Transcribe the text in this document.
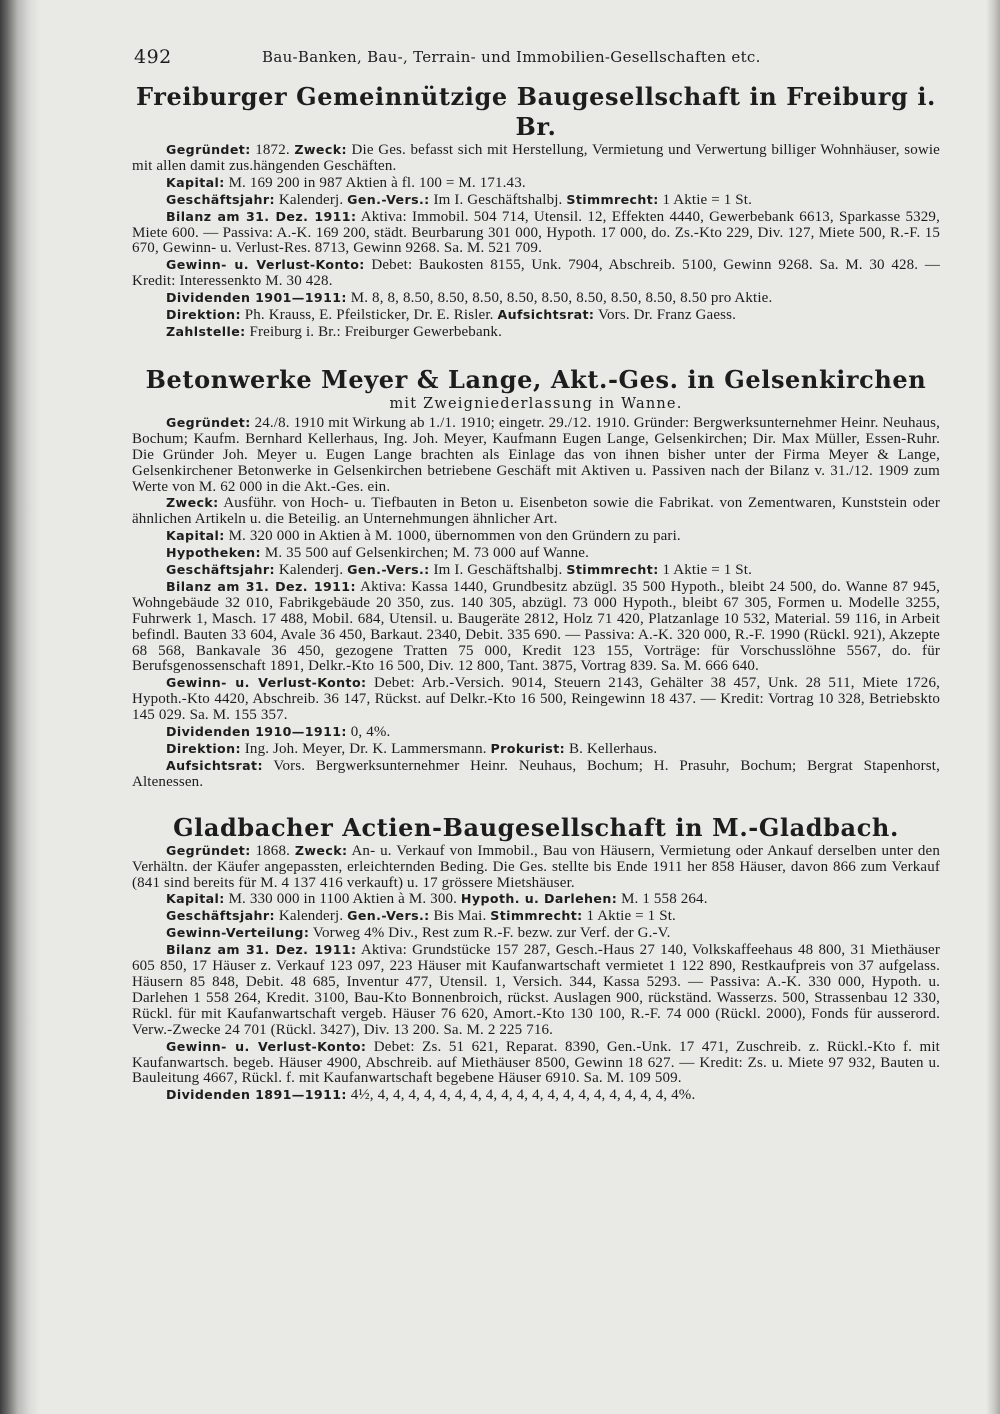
492	Bau-Banken, Bau-, Terrain- und Immobilien-Gesellschaften etc.
Freiburger Gemeinnützige Baugesellschaft in Freiburg i. Br.

Gegründet: 1872. Zweck: Die Ges. befasst sich mit Herstellung, Vermietung und Verwertung billiger Wohnhäuser, sowie mit allen damit zus.hängenden Geschäften.

Kapital: M. 169 200 in 987 Aktien à fl. 100 = M. 171.43.

Geschäftsjahr: Kalenderj. Gen.-Vers.: Im I. Geschäftshalbj. Stimmrecht: 1 Aktie = 1 St.

Bilanz am 31. Dez. 1911: Aktiva: Immobil. 504 714, Utensil. 12, Effekten 4440, Gewerbebank 6613, Sparkasse 5329, Miete 600. — Passiva: A.-K. 169 200, städt. Beurbarung 301 000, Hypoth. 17 000, do. Zs.-Kto 229, Div. 127, Miete 500, R.-F. 15 670, Gewinn- u. Verlust-Res. 8713, Gewinn 9268. Sa. M. 521 709.

Gewinn- u. Verlust-Konto: Debet: Baukosten 8155, Unk. 7904, Abschreib. 5100, Gewinn 9268. Sa. M. 30 428. — Kredit: Interessenkto M. 30 428.

Dividenden 1901—1911: M. 8, 8, 8.50, 8.50, 8.50, 8.50, 8.50, 8.50, 8.50, 8.50, 8.50 pro Aktie.

Direktion: Ph. Krauss, E. Pfeilsticker, Dr. E. Risler. Aufsichtsrat: Vors. Dr. Franz Gaess.

Zahlstelle: Freiburg i. Br.: Freiburger Gewerbebank.

Betonwerke Meyer & Lange, Akt.-Ges. in Gelsenkirchen

mit Zweigniederlassung in Wanne.

Gegründet: 24./8. 1910 mit Wirkung ab 1./1. 1910; eingetr. 29./12. 1910. Gründer: Bergwerksunternehmer Heinr. Neuhaus, Bochum; Kaufm. Bernhard Kellerhaus, Ing. Joh. Meyer, Kaufmann Eugen Lange, Gelsenkirchen; Dir. Max Müller, Essen-Ruhr. Die Gründer Joh. Meyer u. Eugen Lange brachten als Einlage das von ihnen bisher unter der Firma Meyer & Lange, Gelsenkirchener Betonwerke in Gelsenkirchen betriebene Geschäft mit Aktiven u. Passiven nach der Bilanz v. 31./12. 1909 zum Werte von M. 62 000 in die Akt.-Ges. ein.

Zweck: Ausführ. von Hoch- u. Tiefbauten in Beton u. Eisenbeton sowie die Fabrikat. von Zementwaren, Kunststein oder ähnlichen Artikeln u. die Beteilig. an Unternehmungen ähnlicher Art.

Kapital: M. 320 000 in Aktien à M. 1000, übernommen von den Gründern zu pari.

Hypotheken: M. 35 500 auf Gelsenkirchen; M. 73 000 auf Wanne.

Geschäftsjahr: Kalenderj. Gen.-Vers.: Im I. Geschäftshalbj. Stimmrecht: 1 Aktie = 1 St.

Bilanz am 31. Dez. 1911: Aktiva: Kassa 1440, Grundbesitz abzügl. 35 500 Hypoth., bleibt 24 500, do. Wanne 87 945, Wohngebäude 32 010, Fabrikgebäude 20 350, zus. 140 305, abzügl. 73 000 Hypoth., bleibt 67 305, Formen u. Modelle 3255, Fuhrwerk 1, Masch. 17 488, Mobil. 684, Utensil. u. Baugeräte 2812, Holz 71 420, Platzanlage 10 532, Material. 59 116, in Arbeit befindl. Bauten 33 604, Avale 36 450, Barkaut. 2340, Debit. 335 690. — Passiva: A.-K. 320 000, R.-F. 1990 (Rückl. 921), Akzepte 68 568, Bankavale 36 450, gezogene Tratten 75 000, Kredit 123 155, Vorträge: für Vorschusslöhne 5567, do. für Berufsgenossenschaft 1891, Delkr.-Kto 16 500, Div. 12 800, Tant. 3875, Vortrag 839. Sa. M. 666 640.

Gewinn- u. Verlust-Konto: Debet: Arb.-Versich. 9014, Steuern 2143, Gehälter 38 457, Unk. 28 511, Miete 1726, Hypoth.-Kto 4420, Abschreib. 36 147, Rückst. auf Delkr.-Kto 16 500, Reingewinn 18 437. — Kredit: Vortrag 10 328, Betriebskto 145 029. Sa. M. 155 357.

Dividenden 1910—1911: 0, 4%.

Direktion: Ing. Joh. Meyer, Dr. K. Lammersmann. Prokurist: B. Kellerhaus.

Aufsichtsrat: Vors. Bergwerksunternehmer Heinr. Neuhaus, Bochum; H. Prasuhr, Bochum; Bergrat Stapenhorst, Altenessen.

Gladbacher Actien-Baugesellschaft in M.-Gladbach.

Gegründet: 1868. Zweck: An- u. Verkauf von Immobil., Bau von Häusern, Vermietung oder Ankauf derselben unter den Verhältn. der Käufer angepassten, erleichternden Beding. Die Ges. stellte bis Ende 1911 her 858 Häuser, davon 866 zum Verkauf (841 sind bereits für M. 4 137 416 verkauft) u. 17 grössere Mietshäuser.

Kapital: M. 330 000 in 1100 Aktien à M. 300. Hypoth. u. Darlehen: M. 1 558 264.

Geschäftsjahr: Kalenderj. Gen.-Vers.: Bis Mai. Stimmrecht: 1 Aktie = 1 St.

Gewinn-Verteilung: Vorweg 4% Div., Rest zum R.-F. bezw. zur Verf. der G.-V.

Bilanz am 31. Dez. 1911: Aktiva: Grundstücke 157 287, Gesch.-Haus 27 140, Volkskaffeehaus 48 800, 31 Miethäuser 605 850, 17 Häuser z. Verkauf 123 097, 223 Häuser mit Kaufanwartschaft vermietet 1 122 890, Restkaufpreis von 37 aufgelass. Häusern 85 848, Debit. 48 685, Inventur 477, Utensil. 1, Versich. 344, Kassa 5293. — Passiva: A.-K. 330 000, Hypoth. u. Darlehen 1 558 264, Kredit. 3100, Bau-Kto Bonnenbroich, rückst. Auslagen 900, rückständ. Wasserzs. 500, Strassenbau 12 330, Rückl. für mit Kaufanwartschaft vergeb. Häuser 76 620, Amort.-Kto 130 100, R.-F. 74 000 (Rückl. 2000), Fonds für ausserord. Verw.-Zwecke 24 701 (Rückl. 3427), Div. 13 200. Sa. M. 2 225 716.

Gewinn- u. Verlust-Konto: Debet: Zs. 51 621, Reparat. 8390, Gen.-Unk. 17 471, Zuschreib. z. Rückl.-Kto f. mit Kaufanwartsch. begeb. Häuser 4900, Abschreib. auf Miethäuser 8500, Gewinn 18 627. — Kredit: Zs. u. Miete 97 932, Bauten u. Bauleitung 4667, Rückl. f. mit Kaufanwartschaft begebene Häuser 6910. Sa. M. 109 509.

Dividenden 1891—1911: 4½, 4, 4, 4, 4, 4, 4, 4, 4, 4, 4, 4, 4, 4, 4, 4, 4, 4, 4, 4, 4%.
